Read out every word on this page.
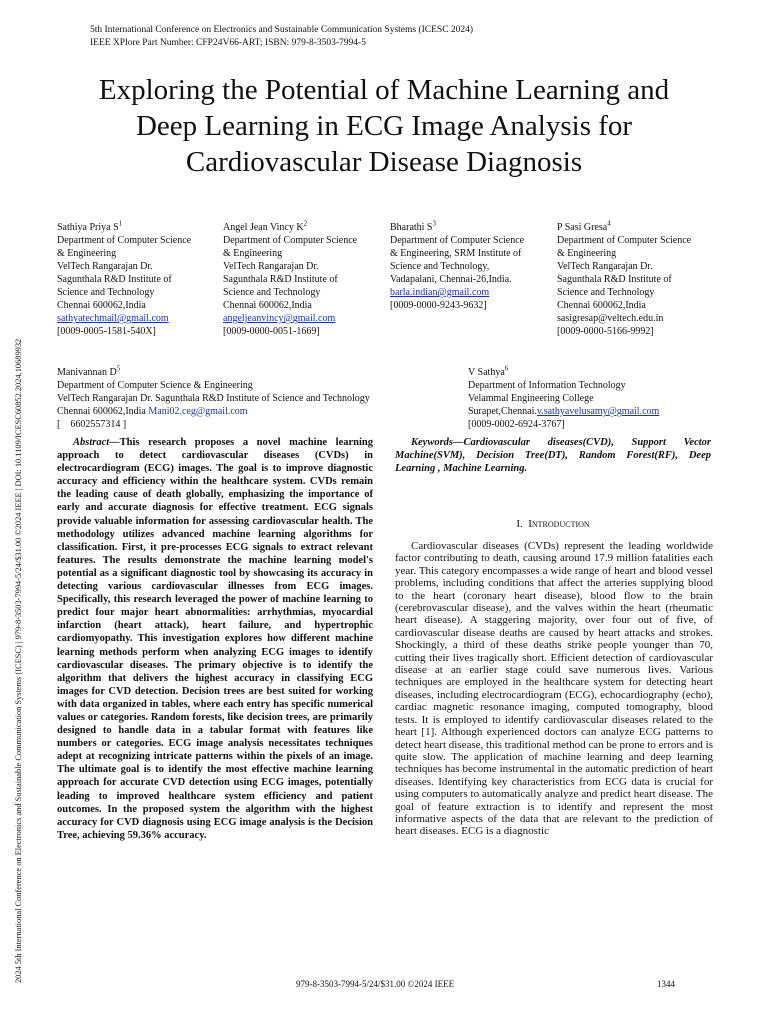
5th International Conference on Electronics and Sustainable Communication Systems (ICESC 2024)
IEEE XPlore Part Number: CFP24V66-ART; ISBN: 979-8-3503-7994-5
2024 5th International Conference on Electronics and Sustainable Communication Systems (ICESC) | 979-8-3503-7994-5/24/$31.00 ©2024 IEEE | DOI: 10.1109/ICESC60852.2024.10689932
Exploring the Potential of Machine Learning and
Deep Learning in ECG Image Analysis for
Cardiovascular Disease Diagnosis
Sathiya Priya $S^1$
Department of Computer Science
& Engineering
VelTech Rangarajan Dr.
Sagunthala R&D Institute of
Science and Technology
Chennai 600062,India
sathyatechmail@gmail.com
[0009-0005-1581-540X]
Angel Jean Vincy $K^2$
Department of Computer Science
& Engineering
VelTech Rangarajan Dr.
Sagunthala R&D Institute of
Science and Technology
Chennai 600062,India
angeljeanvincy@gmail.com
[0009-0000-0051-1669]
Bharathi $S^3$
Department of Computer Science
& Engineering, SRM Institute of
Science and Technology,
Vadapalani, Chennai-26,India.
barla.indian@gmail.com
[0009-0000-9243-9632]
P Sasi Gresa$^4$
Department of Computer Science
& Engineering
VelTech Rangarajan Dr.
Sagunthala R&D Institute of
Science and Technology
Chennai 600062,India
sasigresap@veltech.edu.in
[0009-0000-5166-9992]
Manivannan $D^5$
Department of Computer Science & Engineering
VelTech Rangarajan Dr. Sagunthala R&D Institute of Science and Technology
Chennai 600062,India Mani02.ceg@gmail.com
[    6602557314 ]
V Sathya$^6$
Department of Information Technology
Velammal Engineering College
Surapet,Chennai.v.sathyavelusamy@gmail.com
[0009-0002-6924-3767]

Abstract—This research proposes a novel machine learning approach to detect cardiovascular diseases (CVDs) in electrocardiogram (ECG) images. The goal is to improve diagnostic accuracy and efficiency within the healthcare system. CVDs remain the leading cause of death globally, emphasizing the importance of early and accurate diagnosis for effective treatment. ECG signals provide valuable information for assessing cardiovascular health. The methodology utilizes advanced machine learning algorithms for classification. First, it pre-processes ECG signals to extract relevant features. The results demonstrate the machine learning model's potential as a significant diagnostic tool by showcasing its accuracy in detecting various cardiovascular illnesses from ECG images. Specifically, this research leveraged the power of machine learning to predict four major heart abnormalities: arrhythmias, myocardial infarction (heart attack), heart failure, and hypertrophic cardiomyopathy. This investigation explores how different machine learning methods perform when analyzing ECG images to identify cardiovascular diseases. The primary objective is to identify the algorithm that delivers the highest accuracy in classifying ECG images for CVD detection. Decision trees are best suited for working with data organized in tables, where each entry has specific numerical values or categories. Random forests, like decision trees, are primarily designed to handle data in a tabular format with features like numbers or categories. ECG image analysis necessitates techniques adept at recognizing intricate patterns within the pixels of an image. The ultimate goal is to identify the most effective machine learning approach for accurate CVD detection using ECG images, potentially leading to improved healthcare system efficiency and patient outcomes. In the proposed system the algorithm with the highest accuracy for CVD diagnosis using ECG image analysis is the Decision Tree, achieving 59.36% accuracy.

Keywords—Cardiovascular diseases(CVD), Support Vector Machine(SVM), Decision Tree(DT), Random Forest(RF), Deep Learning , Machine Learning.

I. Introduction

Cardiovascular diseases (CVDs) represent the leading worldwide factor contributing to death, causing around 17.9 million fatalities each year. This category encompasses a wide range of heart and blood vessel problems, including conditions that affect the arteries supplying blood to the heart (coronary heart disease), blood flow to the brain (cerebrovascular disease), and the valves within the heart (rheumatic heart disease). A staggering majority, over four out of five, of cardiovascular disease deaths are caused by heart attacks and strokes. Shockingly, a third of these deaths strike people younger than 70, cutting their lives tragically short. Efficient detection of cardiovascular disease at an earlier stage could save numerous lives. Various techniques are employed in the healthcare system for detecting heart diseases, including electrocardiogram (ECG), echocardiography (echo), cardiac magnetic resonance imaging, computed tomography, blood tests. It is employed to identify cardiovascular diseases related to the heart [1]. Although experienced doctors can analyze ECG patterns to detect heart disease, this traditional method can be prone to errors and is quite slow. The application of machine learning and deep learning techniques has become instrumental in the automatic prediction of heart diseases. Identifying key characteristics from ECG data is crucial for using computers to automatically analyze and predict heart disease. The goal of feature extraction is to identify and represent the most informative aspects of the data that are relevant to the prediction of heart diseases. ECG is a diagnostic

979-8-3503-7994-5/24/$31.00 ©2024 IEEE	1344
